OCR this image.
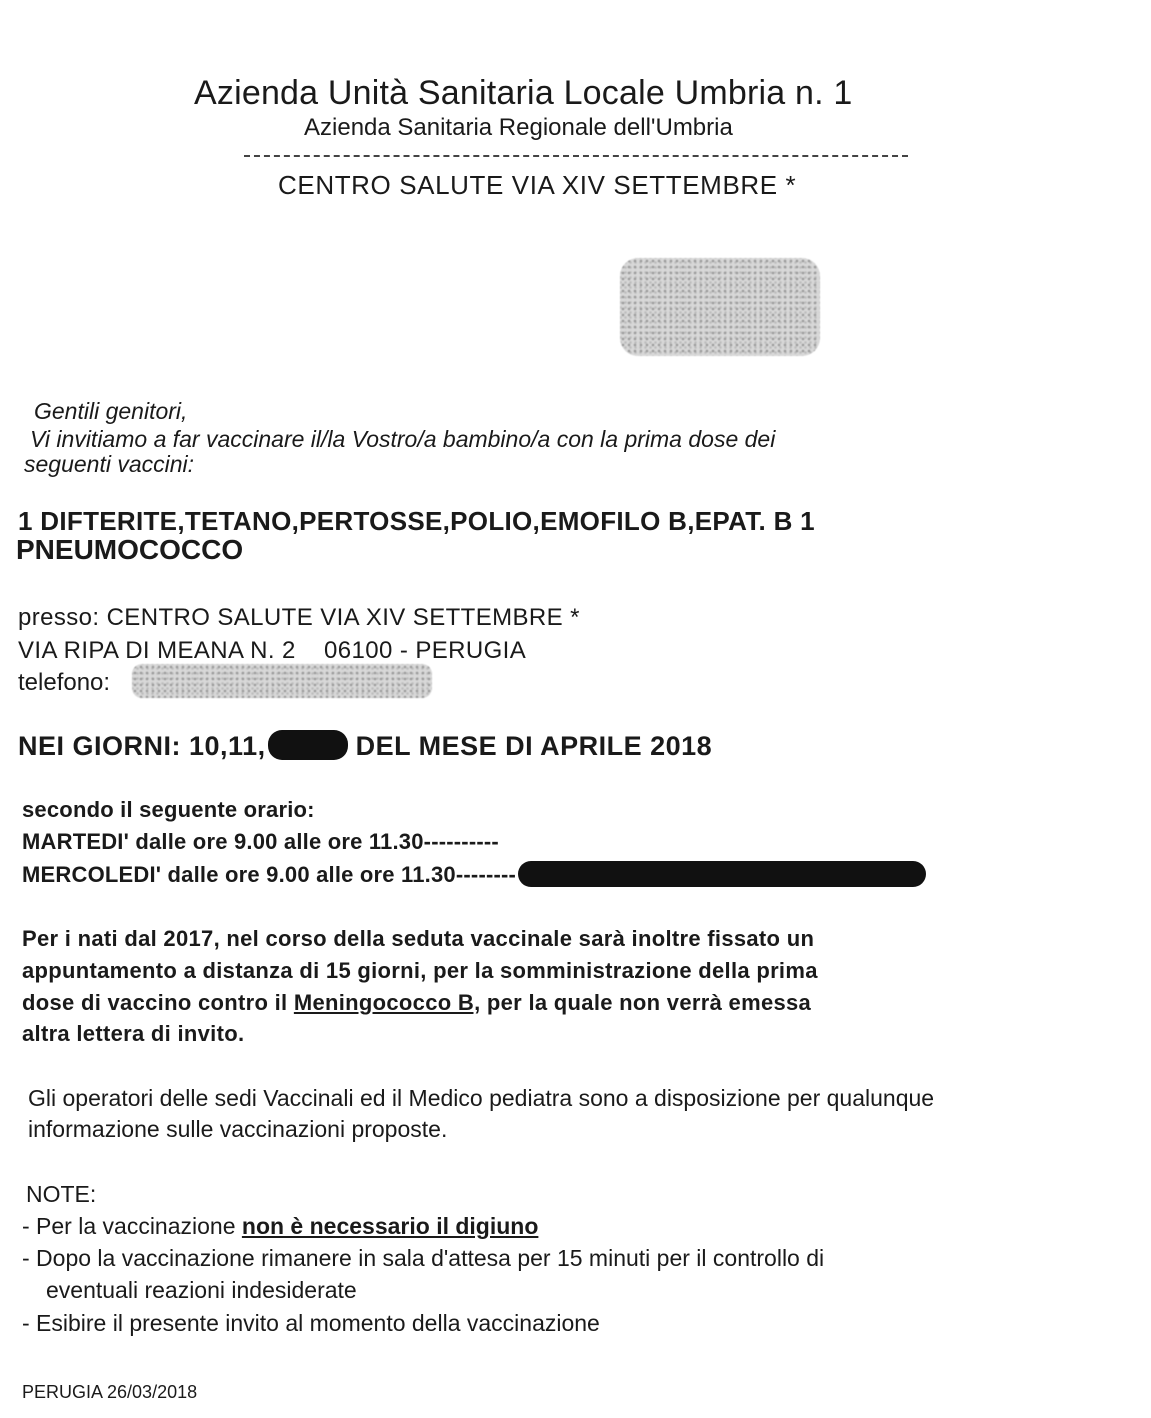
Azienda Unità Sanitaria Locale Umbria n. 1
Azienda Sanitaria Regionale dell'Umbria
CENTRO SALUTE VIA XIV SETTEMBRE *
Gentili genitori,
Vi invitiamo a far vaccinare il/la Vostro/a bambino/a con la prima dose dei
seguenti vaccini:
1 DIFTERITE,TETANO,PERTOSSE,POLIO,EMOFILO B,EPAT. B 1
PNEUMOCOCCO
presso: CENTRO SALUTE VIA XIV SETTEMBRE *
VIA RIPA DI MEANA N. 2    06100 - PERUGIA
telefono:
NEI GIORNI: 10,11,	DEL MESE DI APRILE 2018
secondo il seguente orario:
MARTEDI' dalle ore 9.00 alle ore 11.30----------
MERCOLEDI' dalle ore 9.00 alle ore 11.30--------
Per i nati dal 2017, nel corso della seduta vaccinale sarà inoltre fissato un
appuntamento a distanza di 15 giorni, per la somministrazione della prima
dose di vaccino contro il Meningococco B, per la quale non verrà emessa
altra lettera di invito.
Gli operatori delle sedi Vaccinali ed il Medico pediatra sono a disposizione per qualunque
informazione sulle vaccinazioni proposte.
NOTE:
- Per la vaccinazione non è necessario il digiuno
- Dopo la vaccinazione rimanere in sala d'attesa per 15 minuti per il controllo di
eventuali reazioni indesiderate
- Esibire il presente invito al momento della vaccinazione
PERUGIA 26/03/2018
